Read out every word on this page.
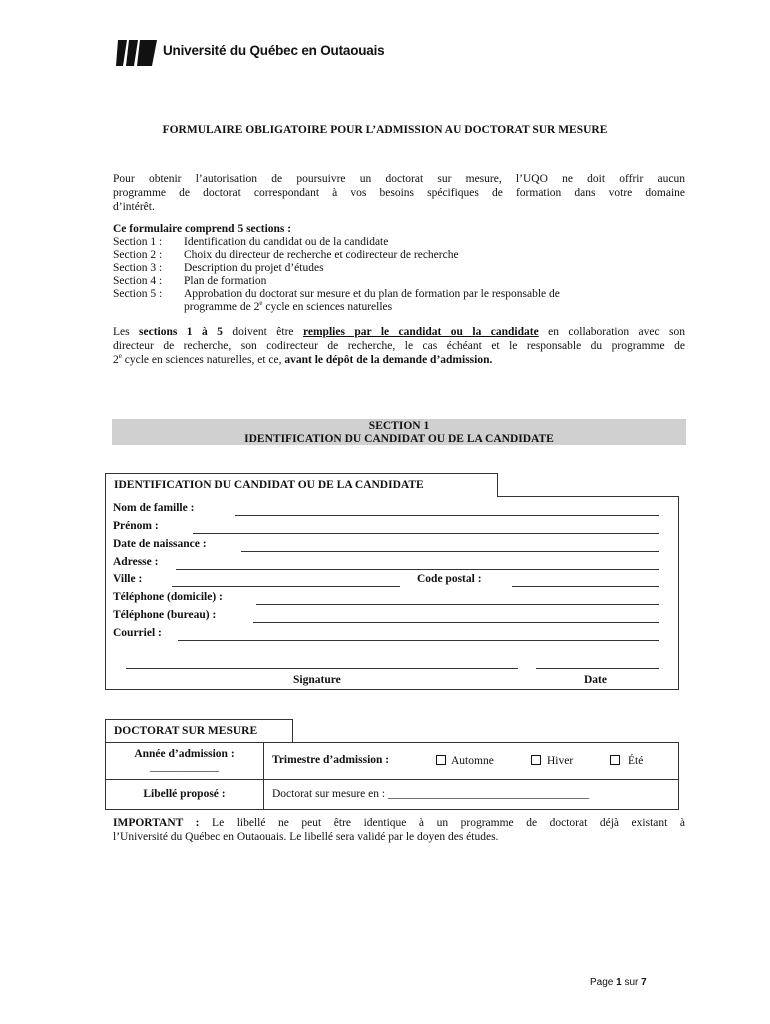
Université du Québec en Outaouais
FORMULAIRE OBLIGATOIRE POUR L’ADMISSION AU DOCTORAT SUR MESURE
Pour obtenir l’autorisation de poursuivre un doctorat sur mesure, l’UQO ne doit offrir aucun
programme de doctorat correspondant à vos besoins spécifiques de formation dans votre domaine
d’intérêt.
Ce formulaire comprend 5 sections :
Section 1 :	Identification du candidat ou de la candidate
Section 2 :	Choix du directeur de recherche et codirecteur de recherche
Section 3 :	Description du projet d’études
Section 4 :	Plan de formation
Section 5 :	Approbation du doctorat sur mesure et du plan de formation par le responsable de
programme de 2e cycle en sciences naturelles
Les sections 1 à 5 doivent être remplies par le candidat ou la candidate en collaboration avec son
directeur de recherche, son codirecteur de recherche, le cas échéant et le responsable du programme de
2e cycle en sciences naturelles, et ce, avant le dépôt de la demande d’admission.
SECTION 1
IDENTIFICATION DU CANDIDAT OU DE LA CANDIDATE
IDENTIFICATION DU CANDIDAT OU DE LA CANDIDATE
Nom de famille :
Prénom :
Date de naissance :
Adresse :
Ville :	Code postal :
Téléphone (domicile) :
Téléphone (bureau) :
Courriel :
Signature	Date
DOCTORAT SUR MESURE
Année d’admission :
____________
Trimestre d’admission :	Automne	Hiver	Été
Libellé proposé :	Doctorat sur mesure en : ___________________________________
IMPORTANT : Le libellé ne peut être identique à un programme de doctorat déjà existant à
l’Université du Québec en Outaouais. Le libellé sera validé par le doyen des études.
Page 1 sur 7
